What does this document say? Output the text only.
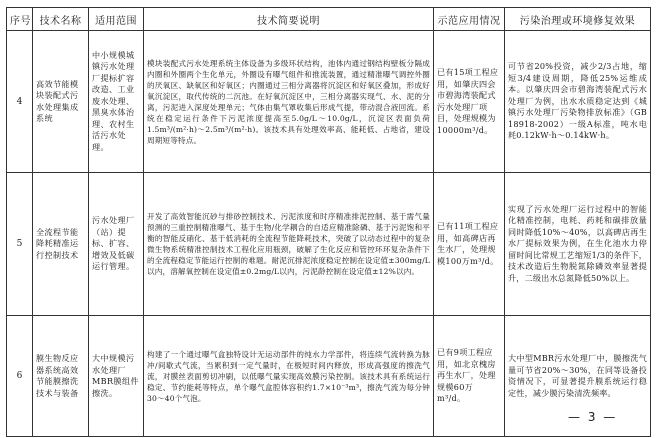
序号	技术名称	适用范围	技术简要说明	示范应用情况	污染治理或环境修复效果
4	高效节能模块装配式污水处理集成系统	中小规模城镇污水处理厂提标扩容改造、工业废水处理、黑臭水体治理、农村生活污水处理。	模块装配式污水处理系统主体设备为多级环状结构，池体内通过钢结构壁板分隔成内圈和外圈两个生化单元，外圈设有曝气组件和推流装置，通过精准曝气调控外圈的厌氧区、缺氧区和好氧区；内圈通过三相分离器将沉淀区和好氧区叠加，形成好氧沉淀区，取代传统的二沉池。在好氧沉淀区中，三相分离器实现气、水、泥的分离，污泥进入深度处理单元；气体由集气罩收集后形成气提，带动混合液回流。系统在稳定运行条件下污泥浓度提高至5.0g/L～10.0g/L，沉淀区表面负荷1.5m³/(m²·h)～2.5m³/(m²·h)。该技术具有处理效率高、能耗低、占地省，建设周期短等特点。	已有15项工程应用，如肇庆四会市碧海湾装配式污水处理厂项目，处理规模为10000m³/d。	可节省20%投资，减少2/3占地，缩短3/4建设周期，降低25%运维成本。以肇庆四会市碧海湾装配式污水处理厂为例，出水水质稳定达到《城镇污水处理厂污染物排放标准》（GB 18918-2002）一级A标准，吨水电耗0.12kW·h～0.14kW·h。
5	全流程节能降耗精准运行控制技术	污水处理厂（站）提标、扩容、增效及低碳运行管理。	开发了高效智能沉砂与排砂控制技术、污泥浓度和时序精准排泥控制、基于需气量预测的三重控制精准曝气、基于生物/化学耦合的自适应精准除磷、基于污泥饱和平衡的智能反硝化、基于低消耗的全流程节能降耗技术，突破了以动态过程中的复杂微生物系统精准控制技术工程化应用瓶颈，破解了生化反应和管控环环复杂条件下的全流程稳定节能运行控制的难题。耐泥沉排泥浓度稳定控制在设定值±300mg/L以内，溶解氧控制在设定值±0.2mg/L以内，污泥龄控制在设定值±12%以内。	已有11项工程应用，如高碑店再生水厂，处理规模100万m³/d。	实现了污水处理厂运行过程中的智能化精准控制，电耗、药耗和碳排放量同时降低10%～40%，以高碑店再生水厂提标效果为例，在生化池水力停留时间比常规工艺缩短1/3的条件下，技术改造后生物脱氮除磷效率显著提升，二级出水总氮降低50%以上。
6	膜生物反应器系统高效节能膜擦洗技术与装备	大中规模污水处理厂MBR膜组件擦洗。	构建了一个通过曝气盒独特设计无运动部件的纯水力学部件，将连续气流转换为脉冲/间歇式气流，当累积到一定气量时，在极短时间内释放，形成高强度的擦洗气流，对膜丝表面剪切冲刷，以低曝气量实现高效膜污染控制。该技术具有系统运行稳定、节约能耗等特点，单个曝气盒腔体容积约1.7×10⁻³m³，擦洗气流为每分钟30～40个气泡。	已有9项工程应用，如北京槐房再生水厂，处理规模60万m³/d。	大中型MBR污水处理厂中，膜擦洗气量可节省20%～30%，在同等设备投资情况下，可显著提升膜系统运行稳定性，减少膜污染清洗频率。
— 3 —
